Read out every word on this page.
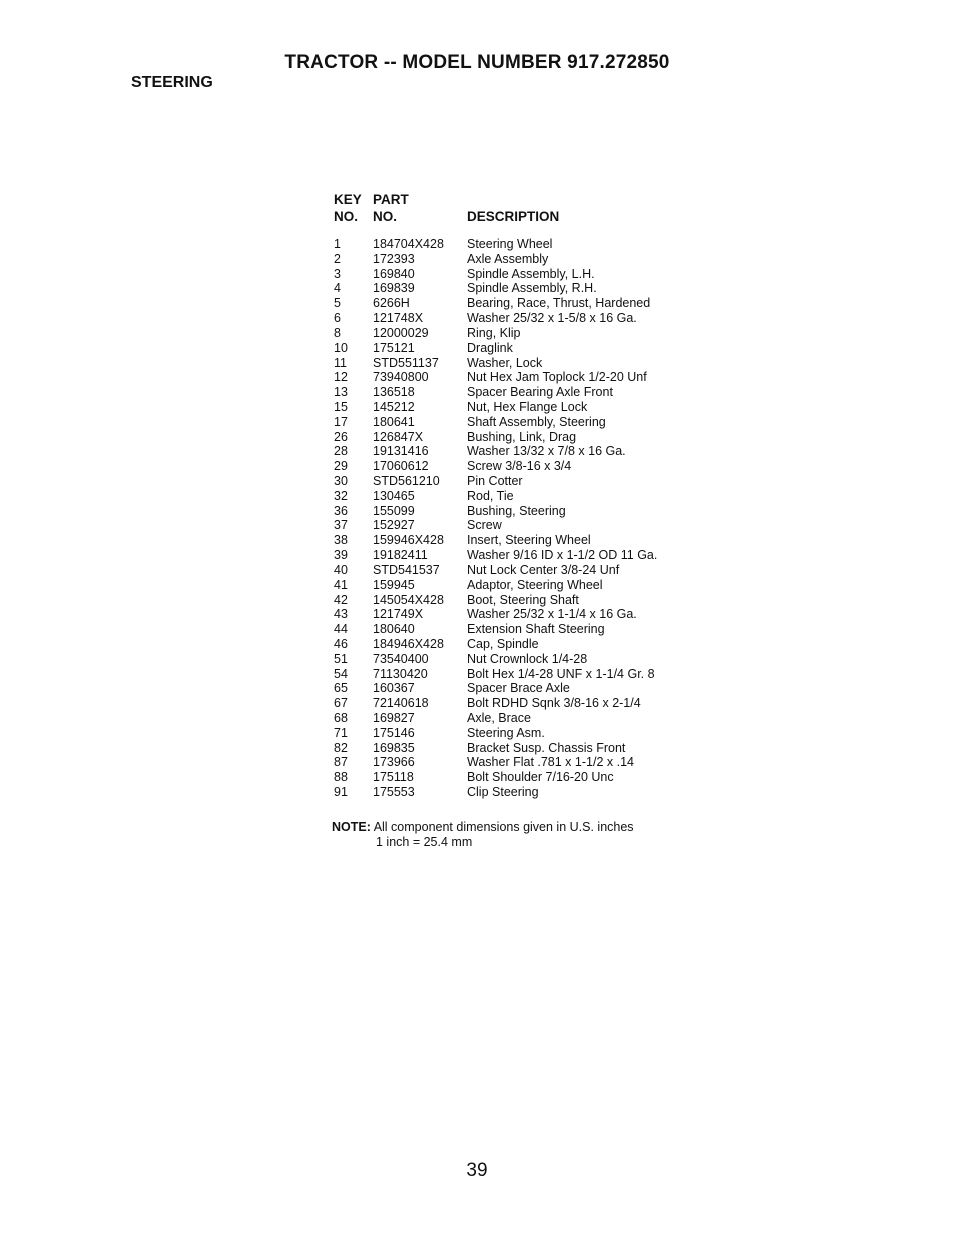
TRACTOR -- MODEL NUMBER 917.272850
STEERING
KEY PART
NO. NO.	DESCRIPTION
1	184704X428 Steering Wheel
2	172393	Axle Assembly
3	169840	Spindle Assembly, L.H.
4	169839	Spindle Assembly, R.H.
5	6266H	Bearing, Race, Thrust, Hardened
6	121748X	Washer 25/32 x 1-5/8 x 16 Ga.
8	12000029	Ring, Klip
10 175121	Draglink
11 STD551137 Washer, Lock
12 73940800	Nut Hex Jam Toplock 1/2-20 Unf
13 136518	Spacer Bearing Axle Front
15 145212	Nut, Hex Flange Lock
17 180641	Shaft Assembly, Steering
26 126847X	Bushing, Link, Drag
28 19131416	Washer 13/32 x 7/8 x 16 Ga.
29 17060612	Screw 3/8-16 x 3/4
30 STD561210 Pin Cotter
32 130465	Rod, Tie
36 155099	Bushing, Steering
37 152927	Screw
38 159946X428 Insert, Steering Wheel
39 19182411	Washer 9/16 ID x 1-1/2 OD 11 Ga.
40 STD541537 Nut Lock Center 3/8-24 Unf
41 159945	Adaptor, Steering Wheel
42 145054X428 Boot, Steering Shaft
43 121749X	Washer 25/32 x 1-1/4 x 16 Ga.
44 180640	Extension Shaft Steering
46 184946X428 Cap, Spindle
51 73540400	Nut Crownlock 1/4-28
54 71130420	Bolt Hex 1/4-28 UNF x 1-1/4 Gr. 8
65 160367	Spacer Brace Axle
67 72140618	Bolt RDHD Sqnk 3/8-16 x 2-1/4
68 169827	Axle, Brace
71 175146	Steering Asm.
82 169835	Bracket Susp. Chassis Front
87 173966	Washer Flat .781 x 1-1/2 x .14
88 175118	Bolt Shoulder 7/16-20 Unc
91 175553	Clip Steering
NOTE: All component dimensions given in U.S. inches
1 inch = 25.4 mm
39
